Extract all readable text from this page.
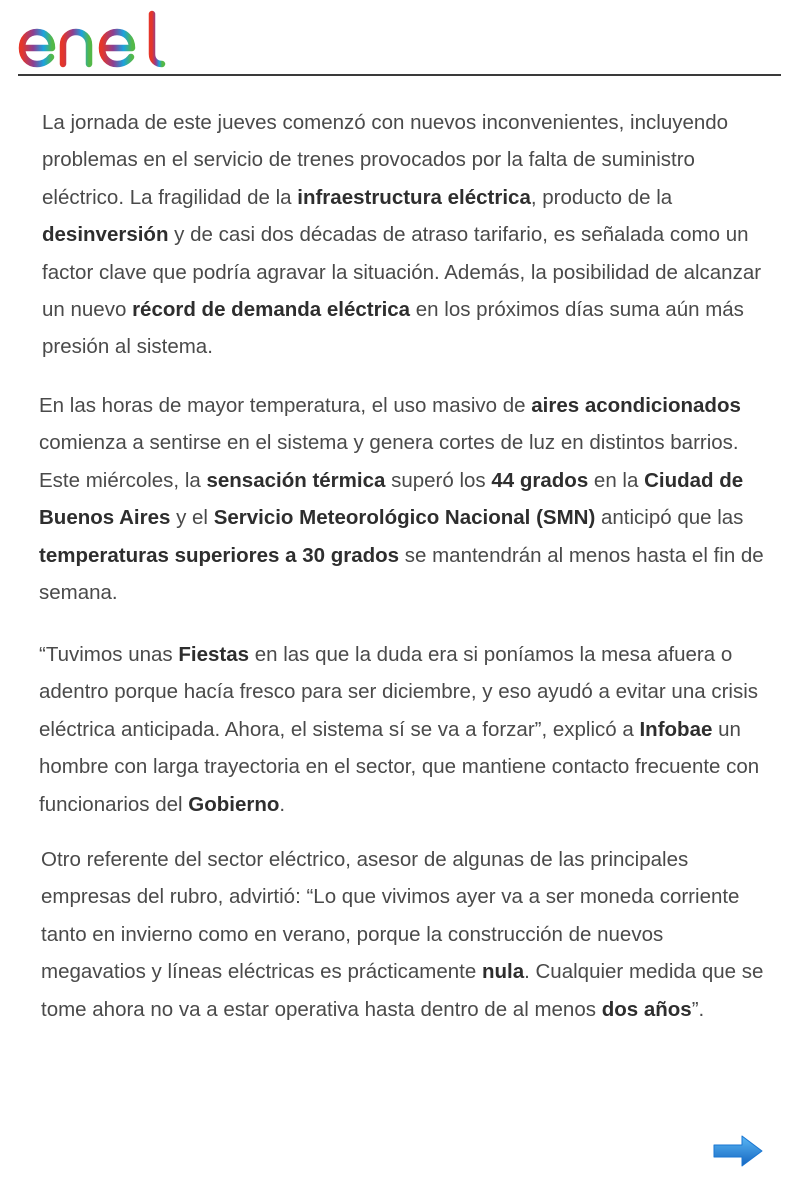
La jornada de este jueves comenzó con nuevos inconvenientes, incluyendo problemas en el servicio de trenes provocados por la falta de suministro eléctrico. La fragilidad de la infraestructura eléctrica, producto de la desinversión y de casi dos décadas de atraso tarifario, es señalada como un factor clave que podría agravar la situación. Además, la posibilidad de alcanzar un nuevo récord de demanda eléctrica en los próximos días suma aún más presión al sistema.

En las horas de mayor temperatura, el uso masivo de aires acondicionados comienza a sentirse en el sistema y genera cortes de luz en distintos barrios. Este miércoles, la sensación térmica superó los 44 grados en la Ciudad de Buenos Aires y el Servicio Meteorológico Nacional (SMN) anticipó que las temperaturas superiores a 30 grados se mantendrán al menos hasta el fin de semana.

“Tuvimos unas Fiestas en las que la duda era si poníamos la mesa afuera o adentro porque hacía fresco para ser diciembre, y eso ayudó a evitar una crisis eléctrica anticipada. Ahora, el sistema sí se va a forzar”, explicó a Infobae un hombre con larga trayectoria en el sector, que mantiene contacto frecuente con funcionarios del Gobierno.

Otro referente del sector eléctrico, asesor de algunas de las principales empresas del rubro, advirtió: “Lo que vivimos ayer va a ser moneda corriente tanto en invierno como en verano, porque la construcción de nuevos megavatios y líneas eléctricas es prácticamente nula. Cualquier medida que se tome ahora no va a estar operativa hasta dentro de al menos dos años”.
